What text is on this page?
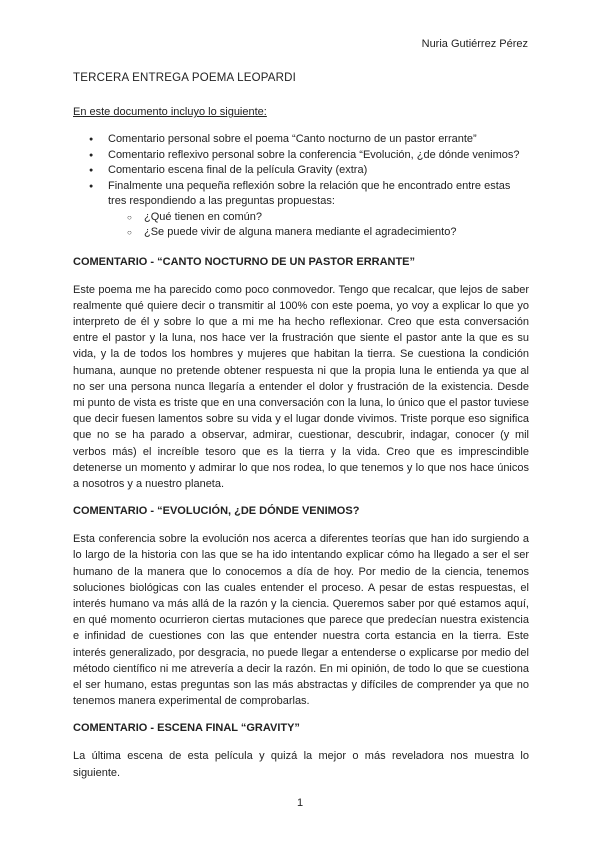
Nuria Gutiérrez Pérez
TERCERA ENTREGA POEMA LEOPARDI
En este documento incluyo lo siguiente:
● Comentario personal sobre el poema “Canto nocturno de un pastor errante”
● Comentario reflexivo personal sobre la conferencia “Evolución, ¿de dónde venimos?
● Comentario escena final de la película Gravity (extra)
● Finalmente una pequeña reflexión sobre la relación que he encontrado entre estas tres respondiendo a las preguntas propuestas:
○ ¿Qué tienen en común?
○ ¿Se puede vivir de alguna manera mediante el agradecimiento?
COMENTARIO - “CANTO NOCTURNO DE UN PASTOR ERRANTE”

Este poema me ha parecido como poco conmovedor. Tengo que recalcar, que lejos de saber realmente qué quiere decir o transmitir al 100% con este poema, yo voy a explicar lo que yo interpreto de él y sobre lo que a mi me ha hecho reflexionar. Creo que esta conversación entre el pastor y la luna, nos hace ver la frustración que siente el pastor ante la que es su vida, y la de todos los hombres y mujeres que habitan la tierra. Se cuestiona la condición humana, aunque no pretende obtener respuesta ni que la propia luna le entienda ya que al no ser una persona nunca llegaría a entender el dolor y frustración de la existencia. Desde mi punto de vista es triste que en una conversación con la luna, lo único que el pastor tuviese que decir fuesen lamentos sobre su vida y el lugar donde vivimos. Triste porque eso significa que no se ha parado a observar, admirar, cuestionar, descubrir, indagar, conocer (y mil verbos más) el increíble tesoro que es la tierra y la vida. Creo que es imprescindible detenerse un momento y admirar lo que nos rodea, lo que tenemos y lo que nos hace únicos a nosotros y a nuestro planeta.

COMENTARIO - “EVOLUCIÓN, ¿DE DÓNDE VENIMOS?

Esta conferencia sobre la evolución nos acerca a diferentes teorías que han ido surgiendo a lo largo de la historia con las que se ha ido intentando explicar cómo ha llegado a ser el ser humano de la manera que lo conocemos a día de hoy. Por medio de la ciencia, tenemos soluciones biológicas con las cuales entender el proceso. A pesar de estas respuestas, el interés humano va más allá de la razón y la ciencia. Queremos saber por qué estamos aquí, en qué momento ocurrieron ciertas mutaciones que parece que predecían nuestra existencia e infinidad de cuestiones con las que entender nuestra corta estancia en la tierra. Este interés generalizado, por desgracia, no puede llegar a entenderse o explicarse por medio del método científico ni me atrevería a decir la razón. En mi opinión, de todo lo que se cuestiona el ser humano, estas preguntas son las más abstractas y difíciles de comprender ya que no tenemos manera experimental de comprobarlas.

COMENTARIO - ESCENA FINAL “GRAVITY”

La última escena de esta película y quizá la mejor o más reveladora nos muestra lo siguiente.

1
